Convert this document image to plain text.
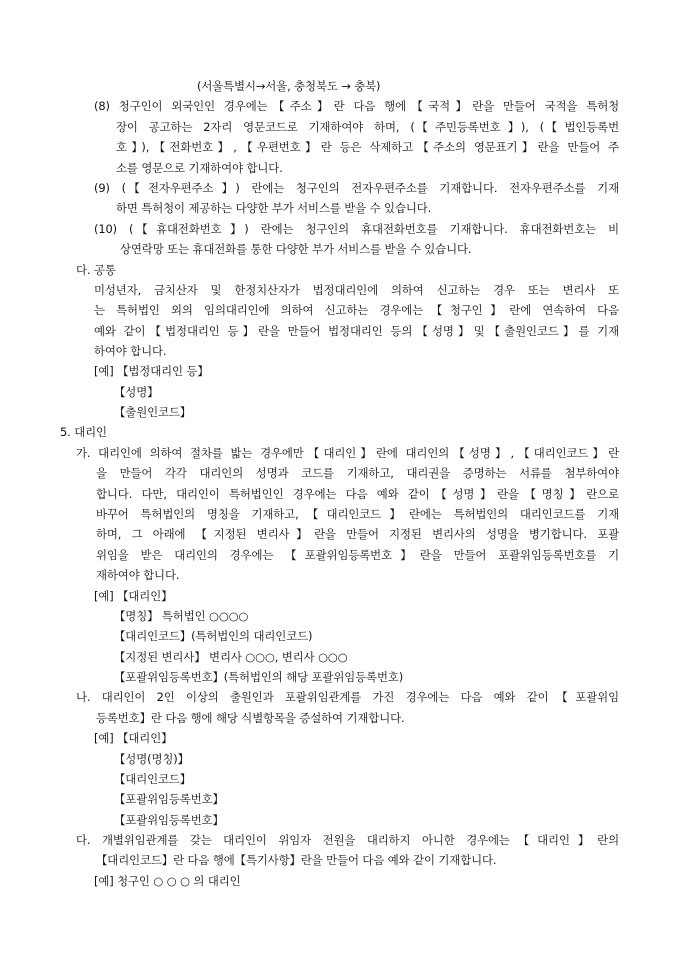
(서울특별시→서울, 충청북도 → 충북)
(8) 청구인이 외국인인 경우에는【주소】란 다음 행에【국적】란을 만들어 국적을 특허청
장이 공고하는 2자리 영문코드로 기재하여야 하며, (【주민등록번호】), (【법인등록번
호】),【전화번호】,【우편번호】란 등은 삭제하고【주소의 영문표기】란을 만들어 주
소를 영문으로 기재하여야 합니다.
(9) (【전자우편주소】) 란에는 청구인의 전자우편주소를 기재합니다. 전자우편주소를 기재
하면 특허청이 제공하는 다양한 부가 서비스를 받을 수 있습니다.
(10) (【휴대전화번호】) 란에는 청구인의 휴대전화번호를 기재합니다. 휴대전화번호는 비
상연락망 또는 휴대전화를 통한 다양한 부가 서비스를 받을 수 있습니다.
다. 공통
미성년자, 금치산자 및 한정치산자가 법정대리인에 의하여 신고하는 경우 또는 변리사 또
는 특허법인 외의 임의대리인에 의하여 신고하는 경우에는【청구인】란에 연속하여 다음
예와 같이【법정대리인 등】란을 만들어 법정대리인 등의【성명】및【출원인코드】를 기재
하여야 합니다.
[예] 【법정대리인 등】
【성명】
【출원인코드】
5. 대리인
가. 대리인에 의하여 절차를 밟는 경우에만【대리인】란에 대리인의【성명】,【대리인코드】란
을 만들어 각각 대리인의 성명과 코드를 기재하고, 대리권을 증명하는 서류를 첨부하여야
합니다. 다만, 대리인이 특허법인인 경우에는 다음 예와 같이【성명】란을【명칭】란으로
바꾸어 특허법인의 명칭을 기재하고,【대리인코드】란에는 특허법인의 대리인코드를 기재
하며, 그 아래에 【지정된 변리사】란을 만들어 지정된 변리사의 성명을 병기합니다. 포괄
위임을 받은 대리인의 경우에는 【포괄위임등록번호】란을 만들어 포괄위임등록번호를 기
재하여야 합니다.
[예] 【대리인】
【명칭】 특허법인 ○○○○
【대리인코드】(특허법인의 대리인코드)
【지정된 변리사】 변리사 ○○○, 변리사 ○○○
【포괄위임등록번호】(특허법인의 해당 포괄위임등록번호)
나. 대리인이 2인 이상의 출원인과 포괄위임관계를 가진 경우에는 다음 예와 같이【포괄위임
등록번호】란 다음 행에 해당 식별항목을 증설하여 기재합니다.
[예] 【대리인】
【성명(명칭)】
【대리인코드】
【포괄위임등록번호】
【포괄위임등록번호】
다. 개별위임관계를 갖는 대리인이 위임자 전원을 대리하지 아니한 경우에는【대리인】란의
【대리인코드】란 다음 행에【특기사항】란을 만들어 다음 예와 같이 기재합니다.
[예] 청구인 ○ ○ ○ 의 대리인
